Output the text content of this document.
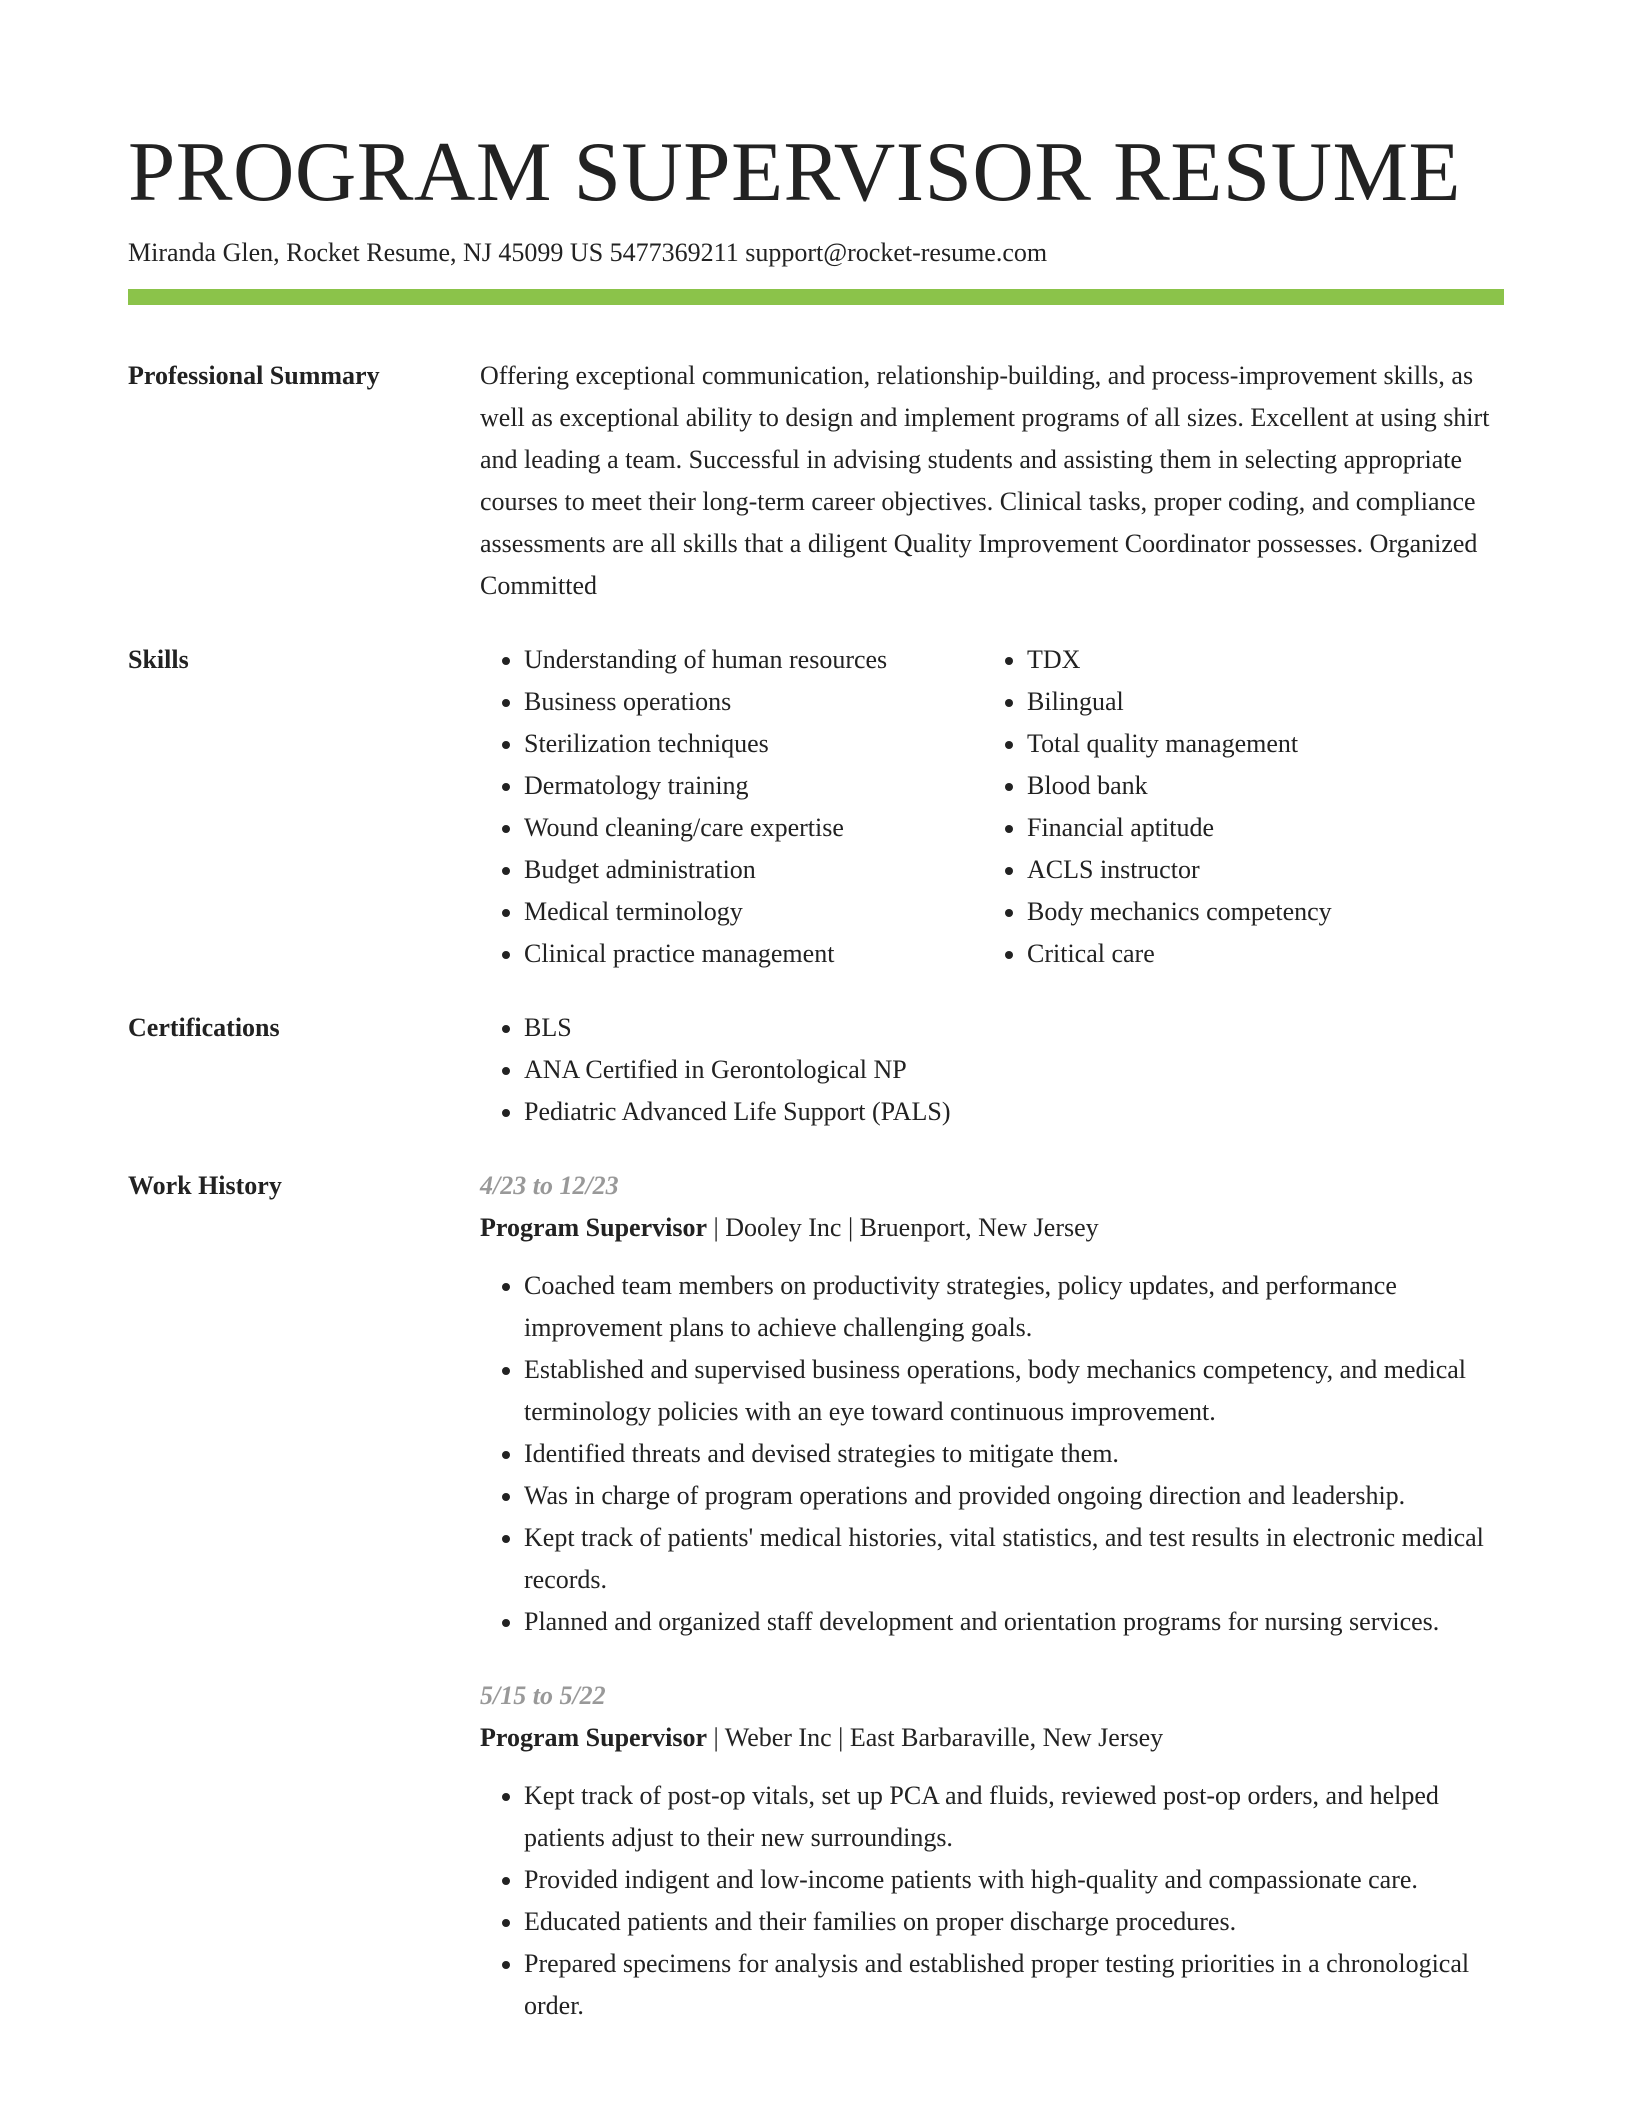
PROGRAM SUPERVISOR RESUME
Miranda Glen, Rocket Resume, NJ 45099 US 5477369211 support@rocket-resume.com
Professional Summary	Offering exceptional communication, relationship-building, and process-improvement skills, as well as exceptional ability to design and implement programs of all sizes. Excellent at using shirt and leading a team. Successful in advising students and assisting them in selecting appropriate courses to meet their long-term career objectives. Clinical tasks, proper coding, and compliance assessments are all skills that a diligent Quality Improvement Coordinator possesses. Organized Committed

Skills	• Understanding of human resources
• Business operations
• Sterilization techniques
• Dermatology training
• Wound cleaning/care expertise
• Budget administration
• Medical terminology
• Clinical practice management
• TDX
• Bilingual
• Total quality management
• Blood bank
• Financial aptitude
• ACLS instructor
• Body mechanics competency
• Critical care
Certifications	• BLS
• ANA Certified in Gerontological NP
• Pediatric Advanced Life Support (PALS)
Work History	4/23 to 12/23
Program Supervisor | Dooley Inc | Bruenport, New Jersey
• Coached team members on productivity strategies, policy updates, and performance improvement plans to achieve challenging goals.
• Established and supervised business operations, body mechanics competency, and medical terminology policies with an eye toward continuous improvement.
• Identified threats and devised strategies to mitigate them.
• Was in charge of program operations and provided ongoing direction and leadership.
• Kept track of patients' medical histories, vital statistics, and test results in electronic medical records.
• Planned and organized staff development and orientation programs for nursing services.
5/15 to 5/22
Program Supervisor | Weber Inc | East Barbaraville, New Jersey
• Kept track of post-op vitals, set up PCA and fluids, reviewed post-op orders, and helped patients adjust to their new surroundings.
• Provided indigent and low-income patients with high-quality and compassionate care.
• Educated patients and their families on proper discharge procedures.
• Prepared specimens for analysis and established proper testing priorities in a chronological order.
